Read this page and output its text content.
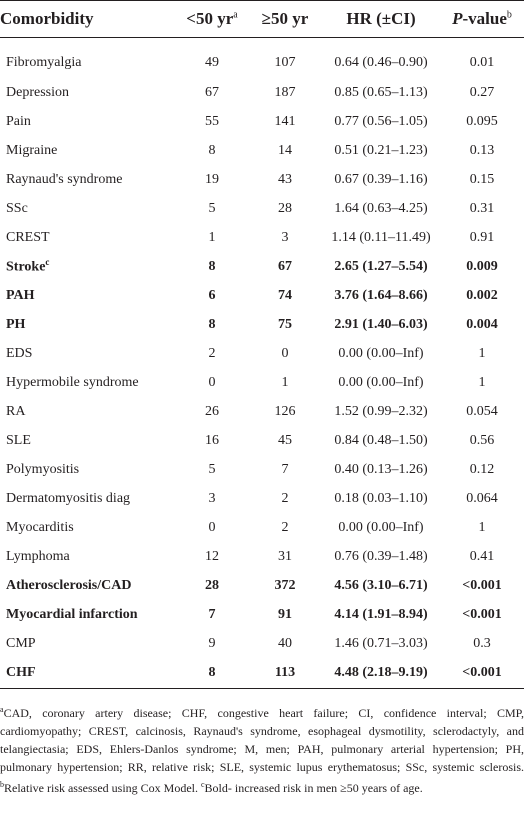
Comorbidity	<50 $yr^a$	≥50 yr	HR (±CI)	P-value$^b$
Fibromyalgia	49	107	0.64 (0.46–0.90)	0.01
Depression	67	187	0.85 (0.65–1.13)	0.27
Pain	55	141	0.77 (0.56–1.05)	0.095
Migraine	8	14	0.51 (0.21–1.23)	0.13
Raynaud's syndrome	19	43	0.67 (0.39–1.16)	0.15
SSc	5	28	1.64 (0.63–4.25)	0.31
CREST	1	3	1.14 (0.11–11.49)	0.91
Stroke$^c$	8	67	2.65 (1.27–5.54)	0.009
PAH	6	74	3.76 (1.64–8.66)	0.002
PH	8	75	2.91 (1.40–6.03)	0.004
EDS	2	0	0.00 (0.00–Inf)	1
Hypermobile syndrome	0	1	0.00 (0.00–Inf)	1
RA	26	126	1.52 (0.99–2.32)	0.054
SLE	16	45	0.84 (0.48–1.50)	0.56
Polymyositis	5	7	0.40 (0.13–1.26)	0.12
Dermatomyositis diag	3	2	0.18 (0.03–1.10)	0.064
Myocarditis	0	2	0.00 (0.00–Inf)	1
Lymphoma	12	31	0.76 (0.39–1.48)	0.41
Atherosclerosis/CAD	28	372	4.56 (3.10–6.71)	<0.001
Myocardial infarction	7	91	4.14 (1.91–8.94)	<0.001
CMP	9	40	1.46 (0.71–3.03)	0.3
CHF	8	113	4.48 (2.18–9.19)	<0.001
$^a$CAD, coronary artery disease; CHF, congestive heart failure; CI, confidence interval; CMP, cardiomyopathy; CREST, calcinosis, Raynaud's syndrome, esophageal dysmotility, sclerodactyly, and telangiectasia; EDS, Ehlers-Danlos syndrome; M, men; PAH, pulmonary arterial hypertension; PH, pulmonary hypertension; RR, relative risk; SLE, systemic lupus erythematosus; SSc, systemic sclerosis. $^b$Relative risk assessed using Cox Model. $^c$Bold- increased risk in men ≥50 years of age.
